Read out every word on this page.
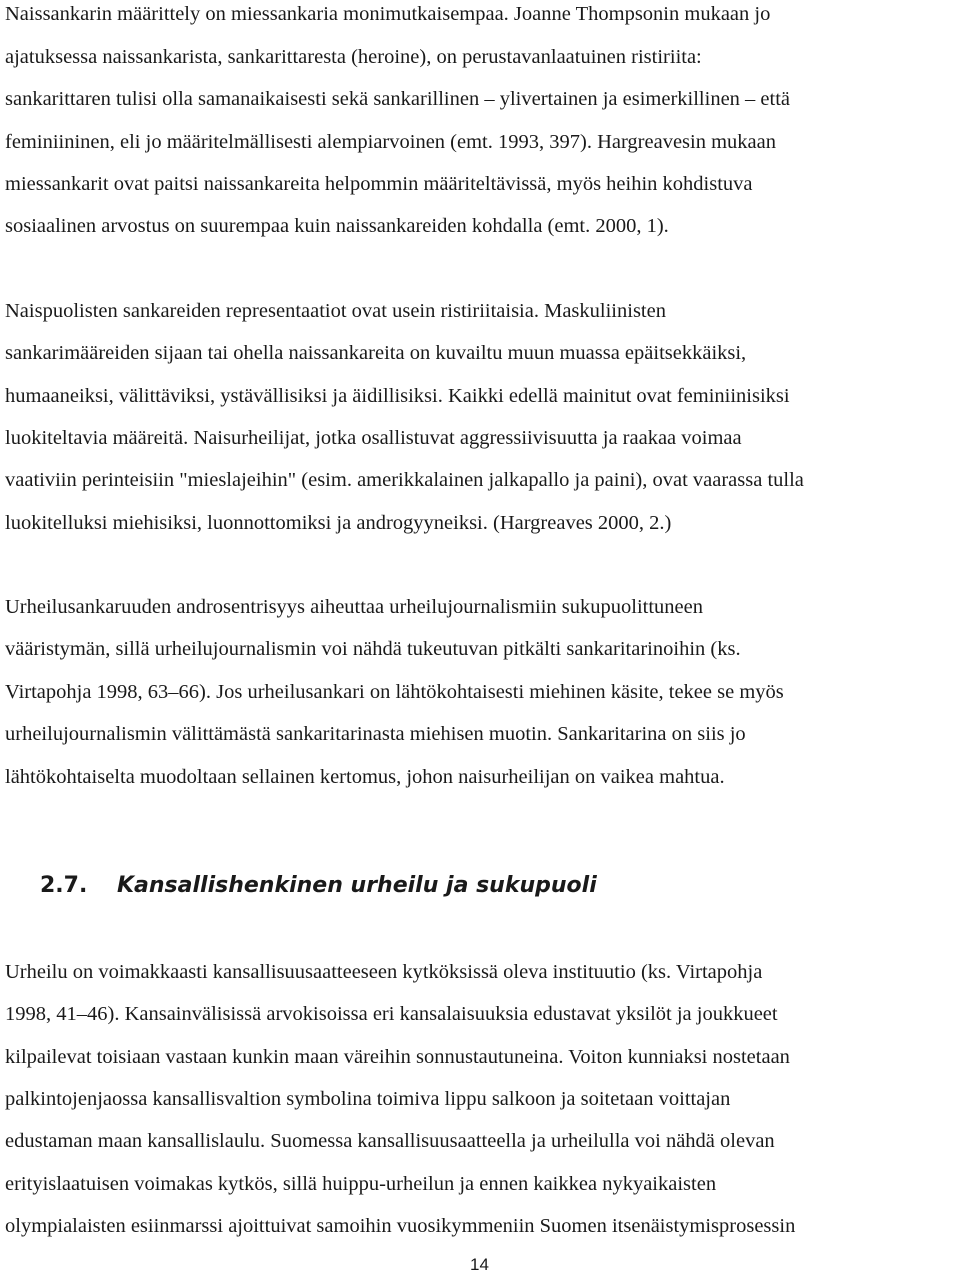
Naissankarin määrittely on miessankaria monimutkaisempaa. Joanne Thompsonin mukaan jo
ajatuksessa naissankarista, sankarittaresta (heroine), on perustavanlaatuinen ristiriita:
sankarittaren tulisi olla samanaikaisesti sekä sankarillinen – ylivertainen ja esimerkillinen – että
feminiininen, eli jo määritelmällisesti alempiarvoinen (emt. 1993, 397). Hargreavesin mukaan
miessankarit ovat paitsi naissankareita helpommin määriteltävissä, myös heihin kohdistuva
sosiaalinen arvostus on suurempaa kuin naissankareiden kohdalla (emt. 2000, 1).
Naispuolisten sankareiden representaatiot ovat usein ristiriitaisia. Maskuliinisten
sankarimääreiden sijaan tai ohella naissankareita on kuvailtu muun muassa epäitsekkäiksi,
humaaneiksi, välittäviksi, ystävällisiksi ja äidillisiksi. Kaikki edellä mainitut ovat feminiinisiksi
luokiteltavia määreitä. Naisurheilijat, jotka osallistuvat aggressiivisuutta ja raakaa voimaa
vaativiin perinteisiin "mieslajeihin" (esim. amerikkalainen jalkapallo ja paini), ovat vaarassa tulla
luokitelluksi miehisiksi, luonnottomiksi ja androgyyneiksi. (Hargreaves 2000, 2.)
Urheilusankaruuden androsentrisyys aiheuttaa urheilujournalismiin sukupuolittuneen
vääristymän, sillä urheilujournalismin voi nähdä tukeutuvan pitkälti sankaritarinoihin (ks.
Virtapohja 1998, 63–66). Jos urheilusankari on lähtökohtaisesti miehinen käsite, tekee se myös
urheilujournalismin välittämästä sankaritarinasta miehisen muotin. Sankaritarina on siis jo
lähtökohtaiselta muodoltaan sellainen kertomus, johon naisurheilijan on vaikea mahtua.
2.7. Kansallishenkinen urheilu ja sukupuoli
Urheilu on voimakkaasti kansallisuusaatteeseen kytköksissä oleva instituutio (ks. Virtapohja
1998, 41–46). Kansainvälisissä arvokisoissa eri kansalaisuuksia edustavat yksilöt ja joukkueet
kilpailevat toisiaan vastaan kunkin maan väreihin sonnustautuneina. Voiton kunniaksi nostetaan
palkintojenjaossa kansallisvaltion symbolina toimiva lippu salkoon ja soitetaan voittajan
edustaman maan kansallislaulu. Suomessa kansallisuusaatteella ja urheilulla voi nähdä olevan
erityislaatuisen voimakas kytkös, sillä huippu-urheilun ja ennen kaikkea nykyaikaisten
olympialaisten esiinmarssi ajoittuivat samoihin vuosikymmeniin Suomen itsenäistymisprosessin
14
